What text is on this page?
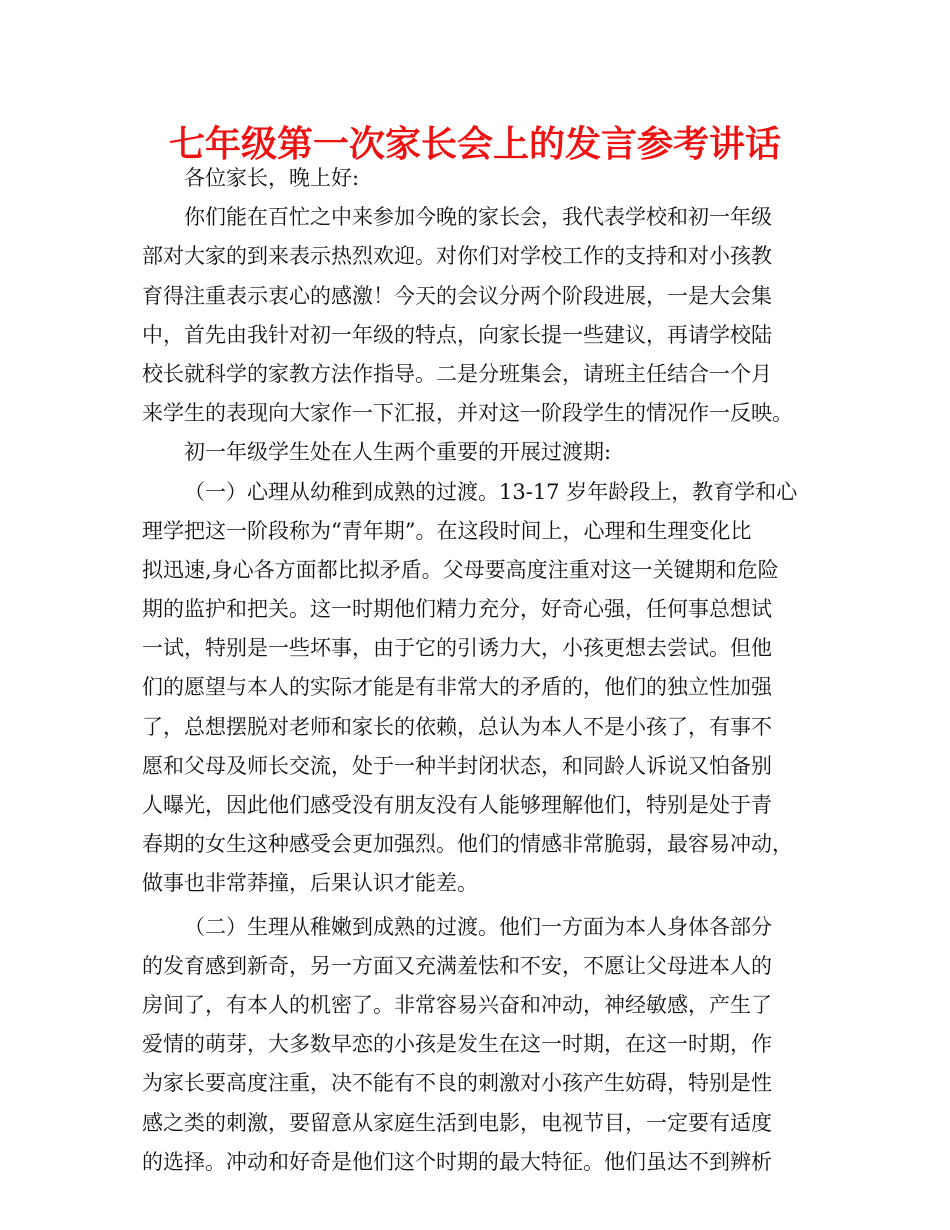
七年级第一次家长会上的发言参考讲话
各位家长，晚上好:
你们能在百忙之中来参加今晚的家长会，我代表学校和初一年级
部对大家的到来表示热烈欢迎。对你们对学校工作的支持和对小孩教
育得注重表示衷心的感激！今天的会议分两个阶段进展，一是大会集
中，首先由我针对初一年级的特点，向家长提一些建议，再请学校陆
校长就科学的家教方法作指导。二是分班集会，请班主任结合一个月
来学生的表现向大家作一下汇报，并对这一阶段学生的情况作一反映。
初一年级学生处在人生两个重要的开展过渡期:
（一）心理从幼稚到成熟的过渡。13-17 岁年龄段上，教育学和心
理学把这一阶段称为“青年期”。在这段时间上，心理和生理变化比
拟迅速,身心各方面都比拟矛盾。父母要高度注重对这一关键期和危险
期的监护和把关。这一时期他们精力充分，好奇心强，任何事总想试
一试，特别是一些坏事，由于它的引诱力大，小孩更想去尝试。但他
们的愿望与本人的实际才能是有非常大的矛盾的，他们的独立性加强
了，总想摆脱对老师和家长的依赖，总认为本人不是小孩了，有事不
愿和父母及师长交流，处于一种半封闭状态，和同龄人诉说又怕备别
人曝光，因此他们感受没有朋友没有人能够理解他们，特别是处于青
春期的女生这种感受会更加强烈。他们的情感非常脆弱，最容易冲动，
做事也非常莽撞，后果认识才能差。
（二）生理从稚嫩到成熟的过渡。他们一方面为本人身体各部分
的发育感到新奇，另一方面又充满羞怯和不安，不愿让父母进本人的
房间了，有本人的机密了。非常容易兴奋和冲动，神经敏感，产生了
爱情的萌芽，大多数早恋的小孩是发生在这一时期，在这一时期，作
为家长要高度注重，决不能有不良的刺激对小孩产生妨碍，特别是性
感之类的刺激，要留意从家庭生活到电影，电视节目，一定要有适度
的选择。冲动和好奇是他们这个时期的最大特征。他们虽达不到辨析
